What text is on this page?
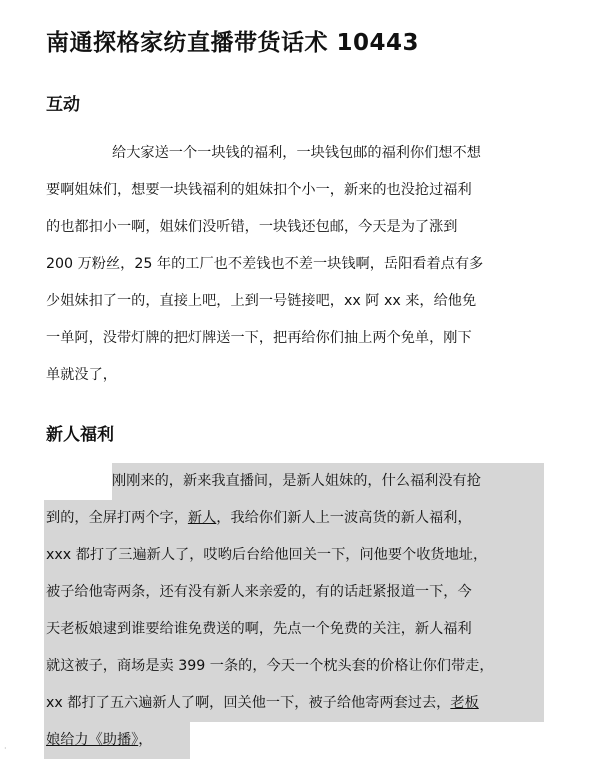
南通探格家纺直播带货话术 10443
互动
给大家送一个一块钱的福利，一块钱包邮的福利你们想不想
要啊姐妹们，想要一块钱福利的姐妹扣个小一，新来的也没抢过福利
的也都扣小一啊，姐妹们没听错，一块钱还包邮，今天是为了涨到
200 万粉丝，25 年的工厂也不差钱也不差一块钱啊，岳阳看着点有多
少姐妹扣了一的，直接上吧，上到一号链接吧，xx 阿 xx 来，给他免
一单阿，没带灯牌的把灯牌送一下，把再给你们抽上两个免单，刚下
单就没了，
新人福利
刚刚来的，新来我直播间，是新人姐妹的，什么福利没有抢
到的，全屏打两个字，新人，我给你们新人上一波高货的新人福利，
xxx 都打了三遍新人了，哎哟后台给他回关一下，问他要个收货地址，
被子给他寄两条，还有没有新人来亲爱的，有的话赶紧报道一下，今
天老板娘逮到谁要给谁免费送的啊，先点一个免费的关注，新人福利
就这被子，商场是卖 399 一条的，今天一个枕头套的价格让你们带走，
xx 都打了五六遍新人了啊，回关他一下，被子给他寄两套过去，老板
娘给力《助播》，
·
